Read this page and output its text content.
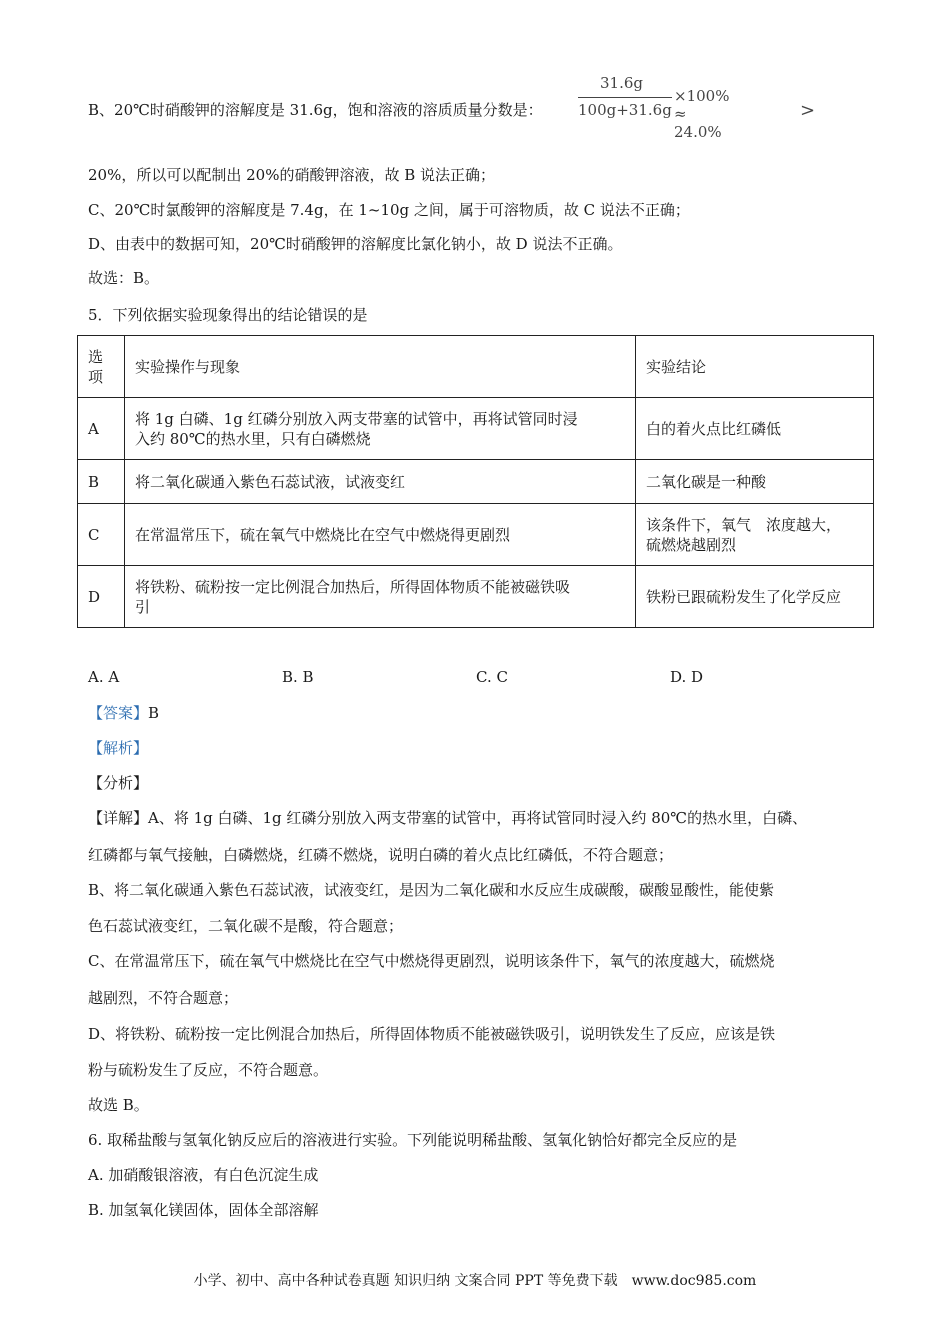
B、20℃时硝酸钾的溶解度是 31.6g，饱和溶液的溶质质量分数是：
31.6g
100g+31.6g
×100% ≈ 24.0%
>
20%，所以可以配制出 20%的硝酸钾溶液，故 B 说法正确；
C、20℃时氯酸钾的溶解度是 7.4g，在 1~10g 之间，属于可溶物质，故 C 说法不正确；
D、由表中的数据可知，20℃时硝酸钾的溶解度比氯化钠小，故 D 说法不正确。
故选：B。
5．下列依据实验现象得出的结论错误的是
选
项	实验操作与现象	实验结论
A	将 1g 白磷、1g 红磷分别放入两支带塞的试管中，再将试管同时浸
入约 80℃的热水里，只有白磷燃烧	白的着火点比红磷低
B	将二氧化碳通入紫色石蕊试液，试液变红	二氧化碳是一种酸
C	在常温常压下，硫在氧气中燃烧比在空气中燃烧得更剧烈	该条件下，氧气　浓度越大，
硫燃烧越剧烈
D	将铁粉、硫粉按一定比例混合加热后，所得固体物质不能被磁铁吸
引	铁粉已跟硫粉发生了化学反应
A. A	B. B	C. C	D. D
【答案】B
【解析】
【分析】
【详解】A、将 1g 白磷、1g 红磷分别放入两支带塞的试管中，再将试管同时浸入约 80℃的热水里，白磷、
红磷都与氧气接触，白磷燃烧，红磷不燃烧，说明白磷的着火点比红磷低，不符合题意；
B、将二氧化碳通入紫色石蕊试液，试液变红，是因为二氧化碳和水反应生成碳酸，碳酸显酸性，能使紫
色石蕊试液变红，二氧化碳不是酸，符合题意；
C、在常温常压下，硫在氧气中燃烧比在空气中燃烧得更剧烈，说明该条件下，氧气的浓度越大，硫燃烧
越剧烈，不符合题意；
D、将铁粉、硫粉按一定比例混合加热后，所得固体物质不能被磁铁吸引，说明铁发生了反应，应该是铁
粉与硫粉发生了反应，不符合题意。
故选 B。
6. 取稀盐酸与氢氧化钠反应后的溶液进行实验。下列能说明稀盐酸、氢氧化钠恰好都完全反应的是
A. 加硝酸银溶液，有白色沉淀生成
B. 加氢氧化镁固体，固体全部溶解
小学、初中、高中各种试卷真题 知识归纳 文案合同 PPT 等免费下载　www.doc985.com
